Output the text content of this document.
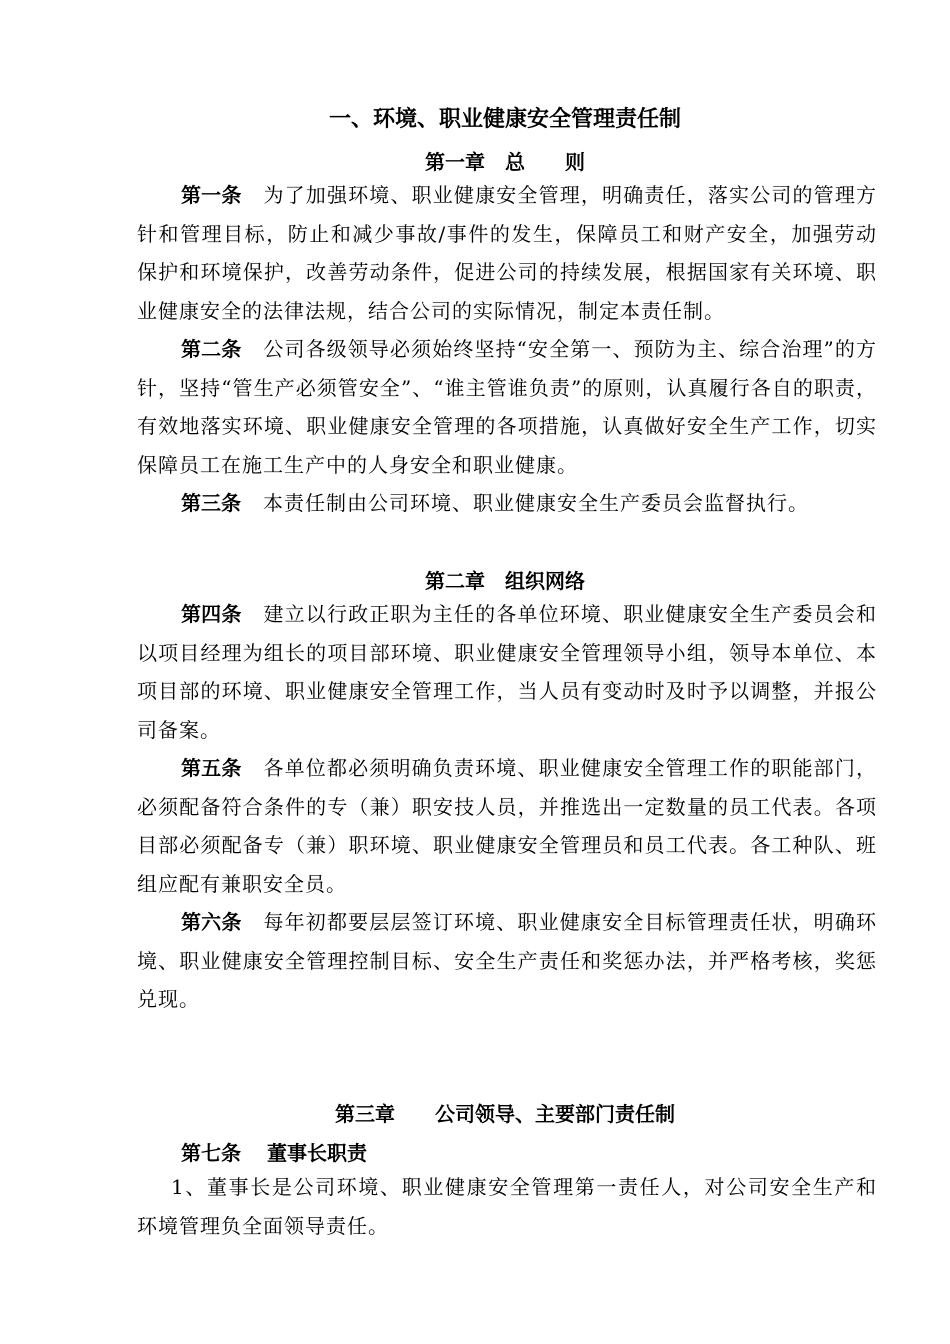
一、环境、职业健康安全管理责任制
第一章　总　　则
第一条 为了加强环境、职业健康安全管理，明确责任，落实公司的管理方针和管理目标，防止和减少事故/事件的发生，保障员工和财产安全，加强劳动保护和环境保护，改善劳动条件，促进公司的持续发展，根据国家有关环境、职业健康安全的法律法规，结合公司的实际情况，制定本责任制。
第二条 公司各级领导必须始终坚持“安全第一、预防为主、综合治理”的方针，坚持“管生产必须管安全”、“谁主管谁负责”的原则，认真履行各自的职责，有效地落实环境、职业健康安全管理的各项措施，认真做好安全生产工作，切实保障员工在施工生产中的人身安全和职业健康。
第三条 本责任制由公司环境、职业健康安全生产委员会监督执行。
第二章　组织网络
第四条 建立以行政正职为主任的各单位环境、职业健康安全生产委员会和以项目经理为组长的项目部环境、职业健康安全管理领导小组，领导本单位、本项目部的环境、职业健康安全管理工作，当人员有变动时及时予以调整，并报公司备案。
第五条 各单位都必须明确负责环境、职业健康安全管理工作的职能部门，必须配备符合条件的专（兼）职安技人员，并推选出一定数量的员工代表。各项目部必须配备专（兼）职环境、职业健康安全管理员和员工代表。各工种队、班组应配有兼职安全员。
第六条 每年初都要层层签订环境、职业健康安全目标管理责任状，明确环境、职业健康安全管理控制目标、安全生产责任和奖惩办法，并严格考核，奖惩兑现。
第三章　　公司领导、主要部门责任制
第七条 董事长职责
1、董事长是公司环境、职业健康安全管理第一责任人，对公司安全生产和环境管理负全面领导责任。
